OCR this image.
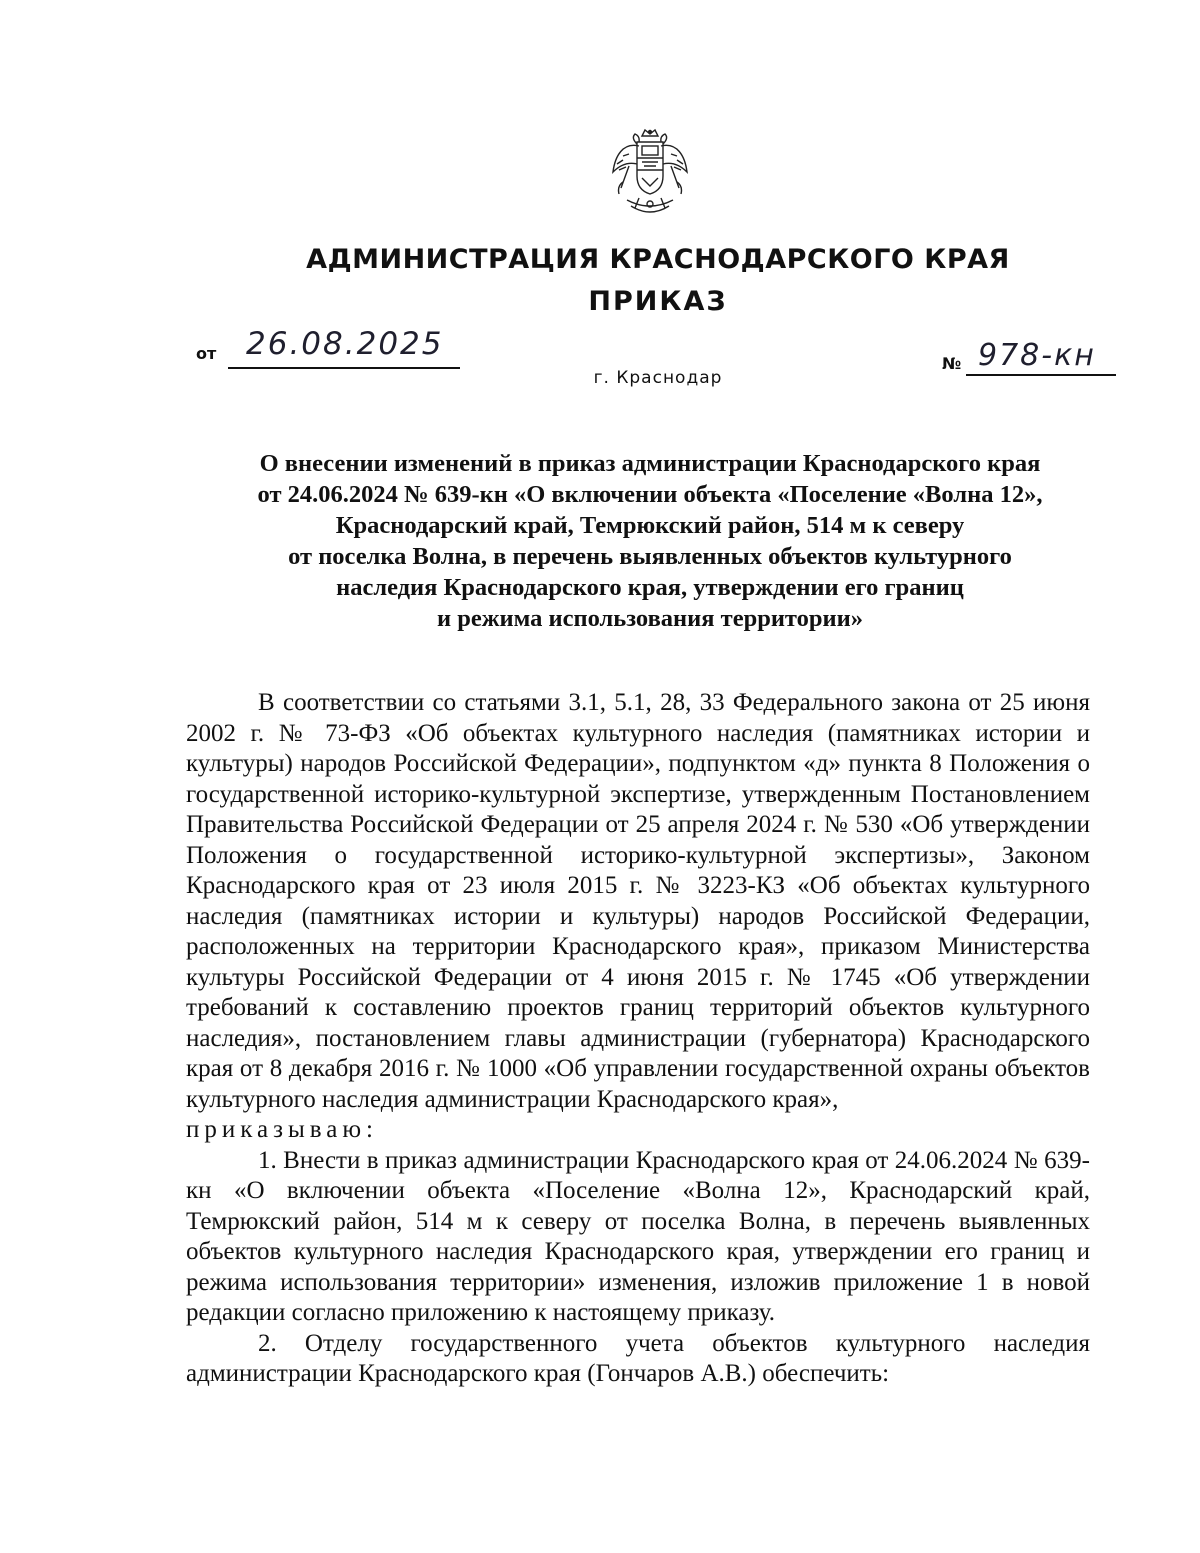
АДМИНИСТРАЦИЯ КРАСНОДАРСКОГО КРАЯ
ПРИКАЗ
от 26.08.2025
г. Краснодар
№ 978-кн
О внесении изменений в приказ администрации Краснодарского края
от 24.06.2024 № 639-кн «О включении объекта «Поселение «Волна 12»,
Краснодарский край, Темрюкский район, 514 м к северу
от поселка Волна, в перечень выявленных объектов культурного
наследия Краснодарского края, утверждении его границ
и режима использования территории»

В соответствии со статьями 3.1, 5.1, 28, 33 Федерального закона от 25 июня 2002 г. № 73-ФЗ «Об объектах культурного наследия (памятниках истории и культуры) народов Российской Федерации», подпунктом «д» пункта 8 Положения о государственной историко-культурной экспертизе, утвержденным Постановлением Правительства Российской Федерации от 25 апреля 2024 г. № 530 «Об утверждении Положения о государственной историко-культурной экспертизы», Законом Краснодарского края от 23 июля 2015 г. № 3223-КЗ «Об объектах культурного наследия (памятниках истории и культуры) народов Российской Федерации, расположенных на территории Краснодарского края», приказом Министерства культуры Российской Федерации от 4 июня 2015 г. № 1745 «Об утверждении требований к составлению проектов границ территорий объектов культурного наследия», постановлением главы администрации (губернатора) Краснодарского края от 8 декабря 2016 г. № 1000 «Об управлении государственной охраны объектов культурного наследия администрации Краснодарского края»,
приказываю:

1. Внести в приказ администрации Краснодарского края от 24.06.2024 № 639-кн «О включении объекта «Поселение «Волна 12», Краснодарский край, Темрюкский район, 514 м к северу от поселка Волна, в перечень выявленных объектов культурного наследия Краснодарского края, утверждении его границ и режима использования территории» изменения, изложив приложение 1 в новой редакции согласно приложению к настоящему приказу.

2. Отделу государственного учета объектов культурного наследия администрации Краснодарского края (Гончаров А.В.) обеспечить:
